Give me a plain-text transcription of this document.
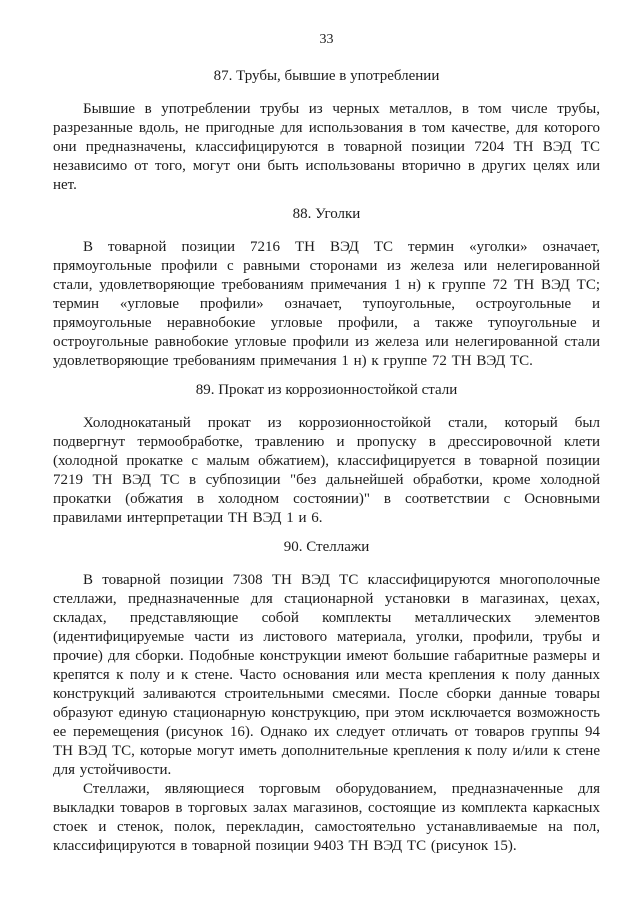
33
87. Трубы, бывшие в употреблении

Бывшие в употреблении трубы из черных металлов, в том числе трубы, разрезанные вдоль, не пригодные для использования в том качестве, для которого они предназначены, классифицируются в товарной позиции 7204 ТН ВЭД ТС независимо от того, могут они быть использованы вторично в других целях или нет.

88. Уголки

В товарной позиции 7216 ТН ВЭД ТС термин «уголки» означает, прямоугольные профили с равными сторонами из железа или нелегированной стали, удовлетворяющие требованиям примечания 1 н) к группе 72 ТН ВЭД ТС; термин «угловые профили» означает, тупоугольные, остроугольные и прямоугольные неравнобокие угловые профили, а также тупоугольные и остроугольные равнобокие угловые профили из железа или нелегированной стали удовлетворяющие требованиям примечания 1 н) к группе 72 ТН ВЭД ТС.

89. Прокат из коррозионностойкой стали

Холоднокатаный прокат из коррозионностойкой стали, который был подвергнут термообработке, травлению и пропуску в дрессировочной клети (холодной прокатке с малым обжатием), классифицируется в товарной позиции 7219 ТН ВЭД ТС в субпозиции "без дальнейшей обработки, кроме холодной прокатки (обжатия в холодном состоянии)" в соответствии с Основными правилами интерпретации ТН ВЭД 1 и 6.

90. Стеллажи

В товарной позиции 7308 ТН ВЭД ТС классифицируются многополочные стеллажи, предназначенные для стационарной установки в магазинах, цехах, складах, представляющие собой комплекты металлических элементов (идентифицируемые части из листового материала, уголки, профили, трубы и прочие) для сборки. Подобные конструкции имеют большие габаритные размеры и крепятся к полу и к стене. Часто основания или места крепления к полу данных конструкций заливаются строительными смесями. После сборки данные товары образуют единую стационарную конструкцию, при этом исключается возможность ее перемещения (рисунок 16). Однако их следует отличать от товаров группы 94 ТН ВЭД ТС, которые могут иметь дополнительные крепления к полу и/или к стене для устойчивости.

Стеллажи, являющиеся торговым оборудованием, предназначенные для выкладки товаров в торговых залах магазинов, состоящие из комплекта каркасных стоек и стенок, полок, перекладин, самостоятельно устанавливаемые на пол, классифицируются в товарной позиции 9403 ТН ВЭД ТС (рисунок 15).
